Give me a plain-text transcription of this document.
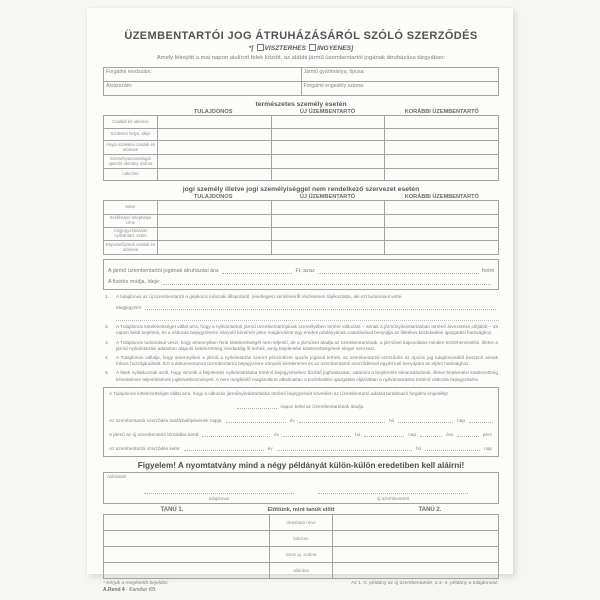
ÜZEMBENTARTÓI JOG ÁTRUHÁZÁSÁRÓL SZÓLÓ SZERZŐDÉS
*[ VISZTERHES INGYENES]
Amely létrejött a mai napon alulírott felek között, az alábbi jármű üzembentartói jogának átruházása tárgyában:
Forgalmi rendszám:	Jármű gyártmánya, típusa:
Alvázszám:	Forgalmi engedély száma:
természetes személy esetén
TULAJDONOS	ÚJ ÜZEMBENTARTÓ	KORÁBBI ÜZEMBENTARTÓ
Családi és utóneve			
Születési helye, ideje			
Anyja születési családi és utóneve			
Személyazonosságát igazoló okmány száma			
Lakcíme			
jogi személy illetve jogi személyiséggel nem rendelkező szervezet esetén
TULAJDONOS	ÚJ ÜZEMBENTARTÓ	KORÁBBI ÜZEMBENTARTÓ
Neve			
Székhelye/ telephelye címe			
Cégjegyzékszám/ nyilvántart. szám			
Képviselőjének családi és utóneve			
A jármű üzembentartói jogának átruházási ára:	Ft, azaz	forint
A fizetés módja, ideje:
1.	A tulajdonos az új üzembentartót a gépkocsi műszaki állapotáról, (esetleges) sérüléseiről részletesen tájékoztatta, aki ezt tudomásul vette.
Megjegyzés:
2.	A Tulajdonos kötelezettséget vállal arra, hogy a nyilvántartott jármű üzembentartójának személyében történt változást – annak a járműnyilvántartásban történő átvezetése céljából – 15 napon belül bejelenti, és a változás bejegyzésére irányuló kérelmét jelen magánokirat egy eredeti példányának csatolásával benyújtja az illetékes közlekedési igazgatási hatósághoz.
3.	A Tulajdonos tudomásul veszi, hogy amennyiben fenti kötelezettségét nem teljesíti, de a járművet átadja az üzembentartónak, a járművel kapcsolatos minden közteherviselési, illetve a jármű nyilvántartási adatokon alapuló kötelezettség mindaddig őt terheli, amíg bejelentési kötelezettségének eleget nem tesz.
4.	A Tulajdonos vállalja, hogy amennyiben a jármű a nyilvántartás szerint pénzintézet opciós jogával terhelt, az üzembentartói szerződés az opciós jog tulajdonosától beszerzi annak írásos hozzájárulását. Ezt a dokumentumot üzembentartói bejegyzésre irányuló kérelemmel és az üzembentartói szerződéssel együtt kell benyújtani az eljáró hatósághoz.
5.	A felek nyilatkoznak arról, hogy ismerik a bejelentés nyilvántartásba történő bejegyzéséhez fűződő joghatásokat, valamint a bejelentés elmaradásának, illetve bejelentési kötelezettség késedelmes teljesítésének jogkövetkezményeit. A nem megfelelő magánokirat alkalmatlan a közlekedési igazgatási eljárásban a nyilvántartásba történő változás bejegyzésére.
A Tulajdonos kötelezettséget vállal arra, hogy a változás járműnyilvántartásba történő bejegyzését követően az Üzembentartó adatait tartalmazó forgalmi engedélyt
napon belül az Üzembentartónak átadja.
Az üzembentartói szerződés hatálybalépésének napja:	év	hó	nap
A jármű az új üzembentartó birtokába kerül:	év	hó	nap	óra	perc
Az üzembentartói szerződés kelte:	év	hó	nap
Figyelem! A nyomtatvány mind a négy példányát külön-külön eredetiben kell aláírni!
Aláírások:
tulajdonos	új üzembentartó
TANÚ 1.	Előttünk, mint tanúk előtt	TANÚ 2.
	olvasható neve	
	lakcíme	
	szem.ig. száma	
	aláírása	
* Kérjük a megfelelőt bejelölni.	Az 1.-2. példány az új üzembentartóé, a 3.-4. példány a tulajdonosé.
A.Rend 4 - Kamiker Kft.
